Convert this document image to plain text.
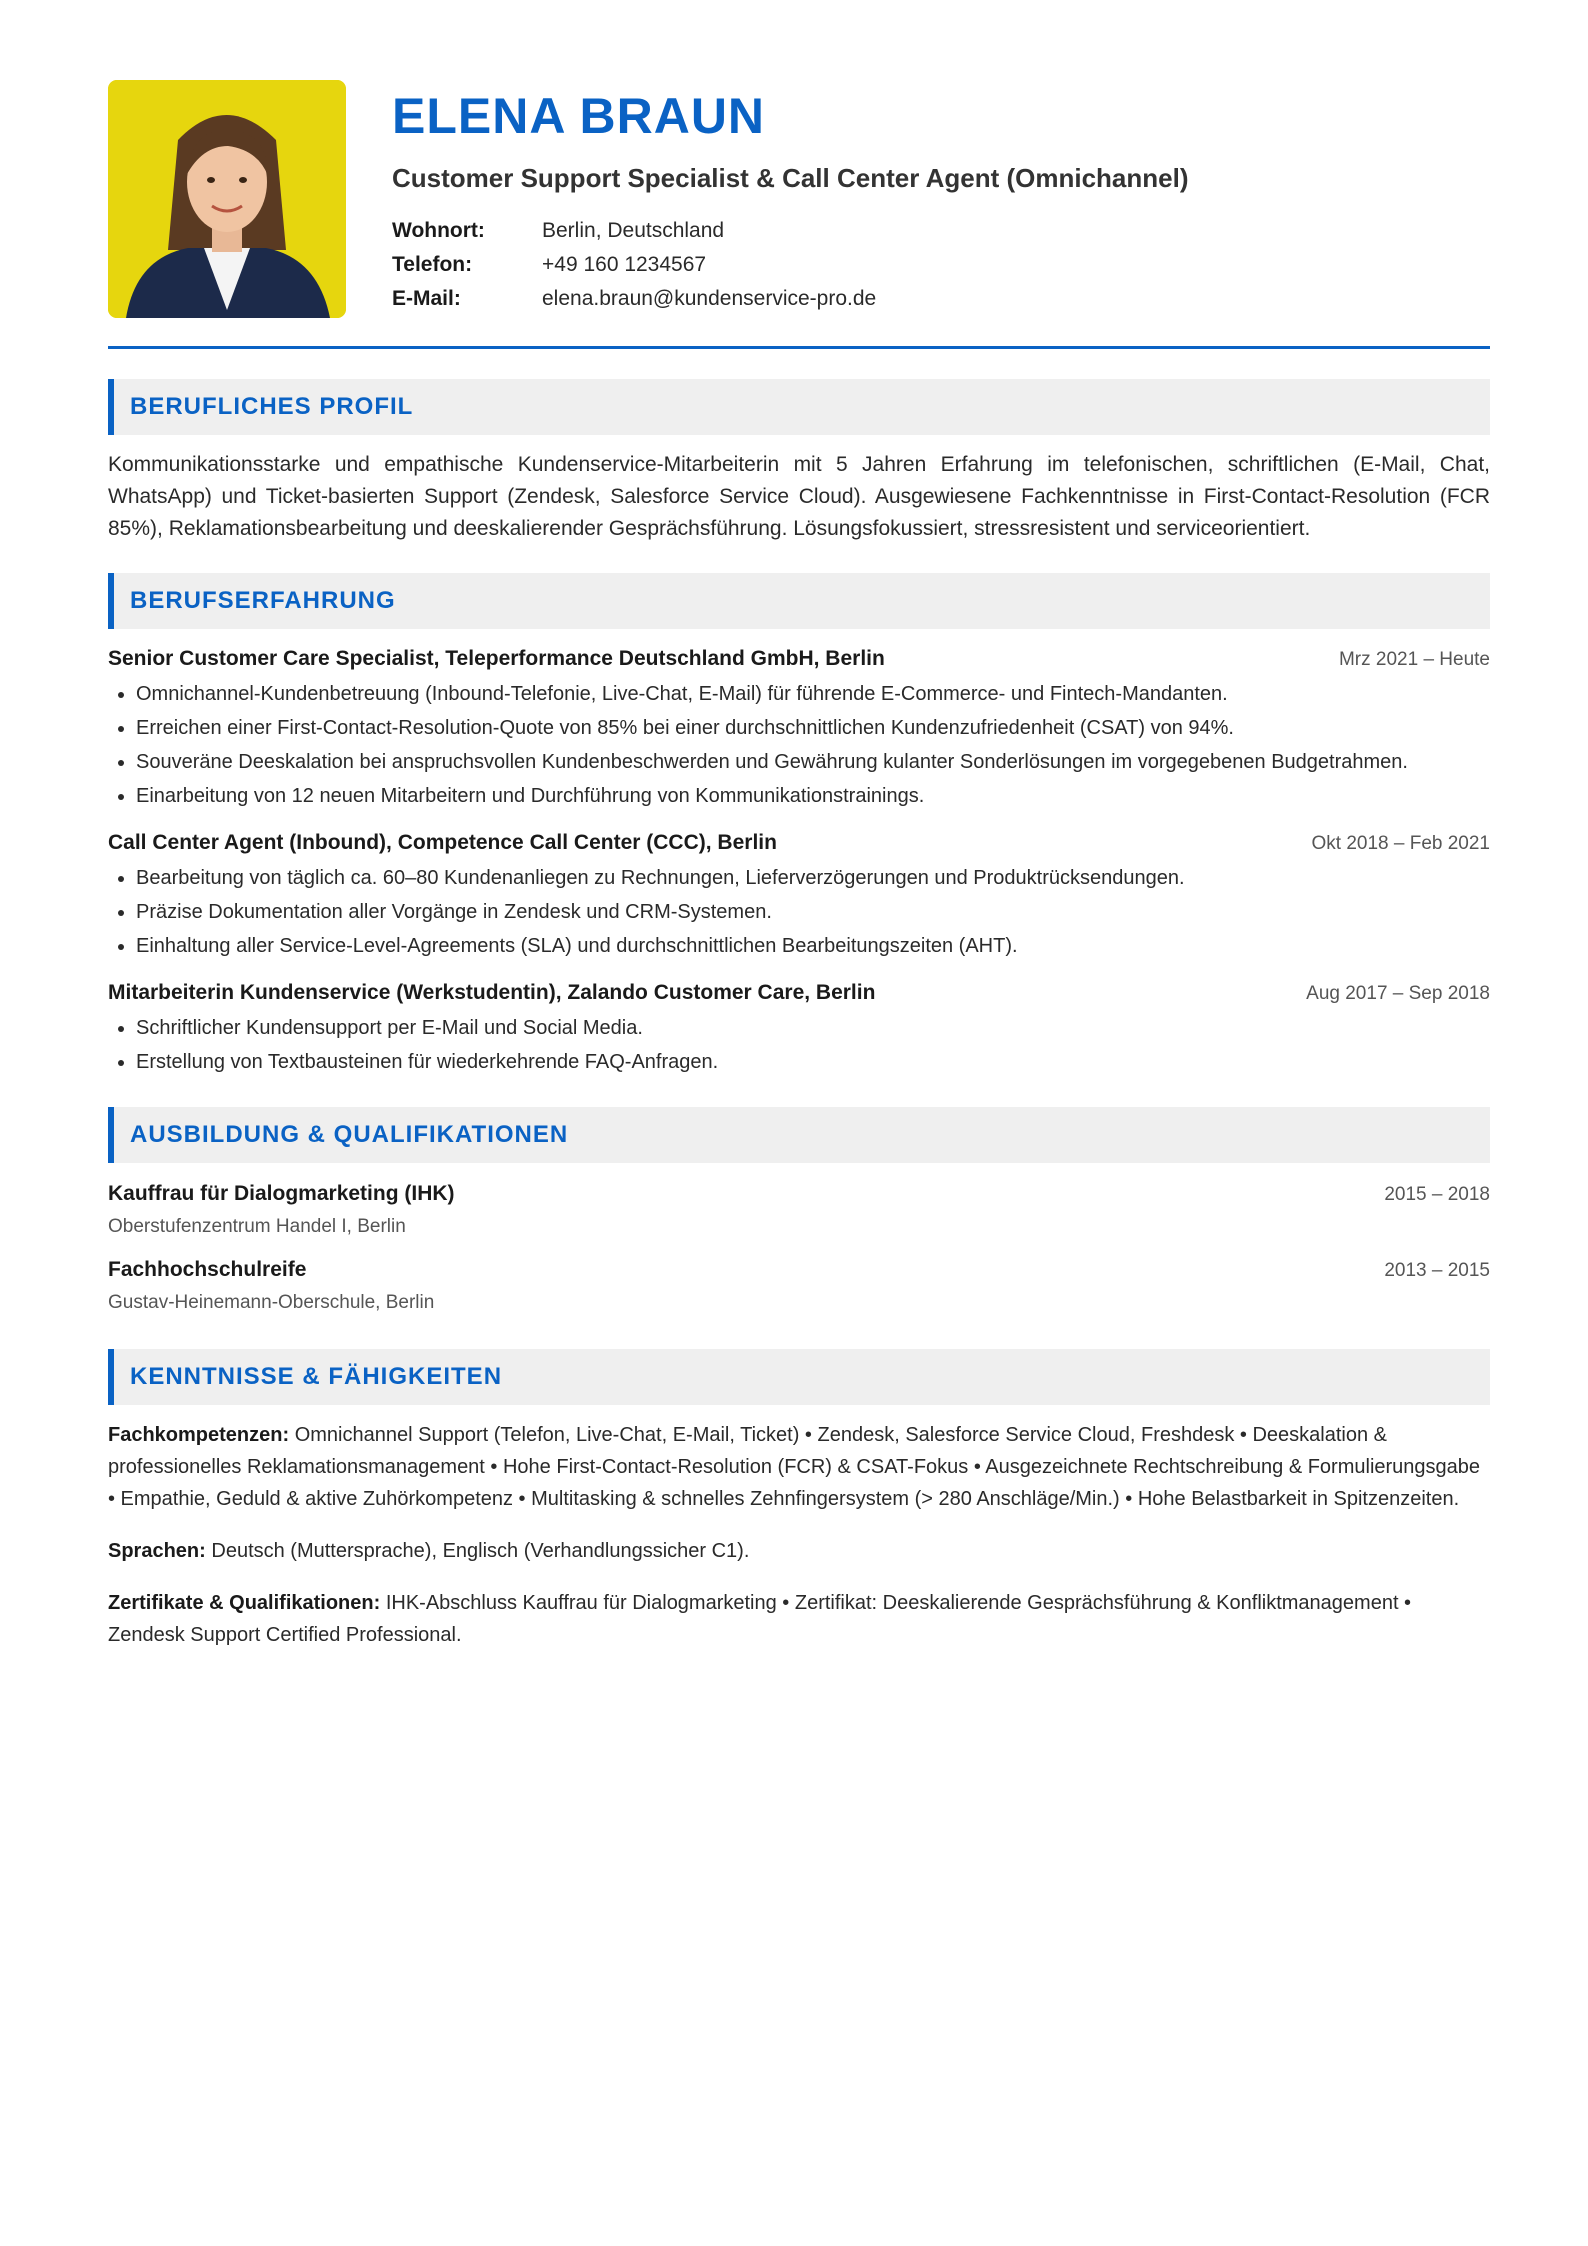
ELENA BRAUN
Customer Support Specialist & Call Center Agent (Omnichannel)
Wohnort:	Berlin, Deutschland
Telefon:	+49 160 1234567
E-Mail:	elena.braun@kundenservice-pro.de
BERUFLICHES PROFIL
Kommunikationsstarke und empathische Kundenservice-Mitarbeiterin mit 5 Jahren Erfahrung im telefonischen, schriftlichen (E-Mail, Chat, WhatsApp) und Ticket-basierten Support (Zendesk, Salesforce Service Cloud). Ausgewiesene Fachkenntnisse in First-Contact-Resolution (FCR 85%), Reklamationsbearbeitung und deeskalierender Gesprächsführung. Lösungsfokussiert, stressresistent und serviceorientiert.
BERUFSERFAHRUNG
Senior Customer Care Specialist, Teleperformance Deutschland GmbH, Berlin	Mrz 2021 – Heute
• Omnichannel-Kundenbetreuung (Inbound-Telefonie, Live-Chat, E-Mail) für führende E-Commerce- und Fintech-Mandanten.
• Erreichen einer First-Contact-Resolution-Quote von 85% bei einer durchschnittlichen Kundenzufriedenheit (CSAT) von 94%.
• Souveräne Deeskalation bei anspruchsvollen Kundenbeschwerden und Gewährung kulanter Sonderlösungen im vorgegebenen Budgetrahmen.
• Einarbeitung von 12 neuen Mitarbeitern und Durchführung von Kommunikationstrainings.
Call Center Agent (Inbound), Competence Call Center (CCC), Berlin	Okt 2018 – Feb 2021
• Bearbeitung von täglich ca. 60–80 Kundenanliegen zu Rechnungen, Lieferverzögerungen und Produktrücksendungen.
• Präzise Dokumentation aller Vorgänge in Zendesk und CRM-Systemen.
• Einhaltung aller Service-Level-Agreements (SLA) und durchschnittlichen Bearbeitungszeiten (AHT).
Mitarbeiterin Kundenservice (Werkstudentin), Zalando Customer Care, Berlin	Aug 2017 – Sep 2018
• Schriftlicher Kundensupport per E-Mail und Social Media.
• Erstellung von Textbausteinen für wiederkehrende FAQ-Anfragen.
AUSBILDUNG & QUALIFIKATIONEN
Kauffrau für Dialogmarketing (IHK)	2015 – 2018
Oberstufenzentrum Handel I, Berlin
Fachhochschulreife	2013 – 2015
Gustav-Heinemann-Oberschule, Berlin
KENNTNISSE & FÄHIGKEITEN

Fachkompetenzen: Omnichannel Support (Telefon, Live-Chat, E-Mail, Ticket) • Zendesk, Salesforce Service Cloud, Freshdesk • Deeskalation & professionelles Reklamationsmanagement • Hohe First-Contact-Resolution (FCR) & CSAT-Fokus • Ausgezeichnete Rechtschreibung & Formulierungsgabe • Empathie, Geduld & aktive Zuhörkompetenz • Multitasking & schnelles Zehnfingersystem (> 280 Anschläge/Min.) • Hohe Belastbarkeit in Spitzenzeiten.

Sprachen: Deutsch (Muttersprache), Englisch (Verhandlungssicher C1).

Zertifikate & Qualifikationen: IHK-Abschluss Kauffrau für Dialogmarketing • Zertifikat: Deeskalierende Gesprächsführung & Konfliktmanagement • Zendesk Support Certified Professional.
